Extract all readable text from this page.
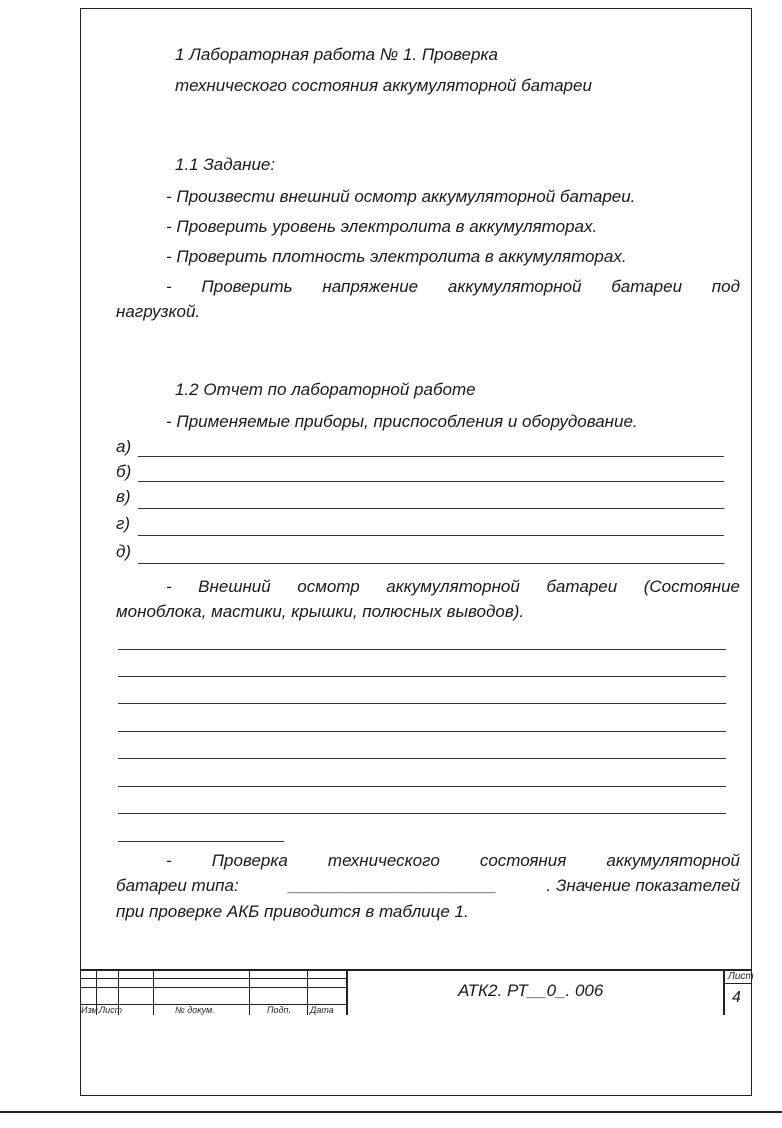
1 Лабораторная работа № 1. Проверка
технического состояния аккумуляторной батареи
1.1 Задание:
- Произвести внешний осмотр аккумуляторной батареи.
- Проверить уровень электролита в аккумуляторах.
- Проверить плотность электролита в аккумуляторах.
- Проверить напряжение аккумуляторной батареи под
нагрузкой.
1.2 Отчет по лабораторной работе
- Применяемые приборы, приспособления и оборудование.
а)
б)
в)
г)
д)
- Внешний осмотр аккумуляторной батареи (Состояние
моноблока, мастики, крышки, полюсных выводов).
- Проверка технического состояния аккумуляторной
батареи типа:	______________________	. Значение показателей
при проверке АКБ приводится в таблице 1.
Изм.
Лист	№ докум.	Подп. Дата
АТК2. РТ__0_. 006
Лист
4
